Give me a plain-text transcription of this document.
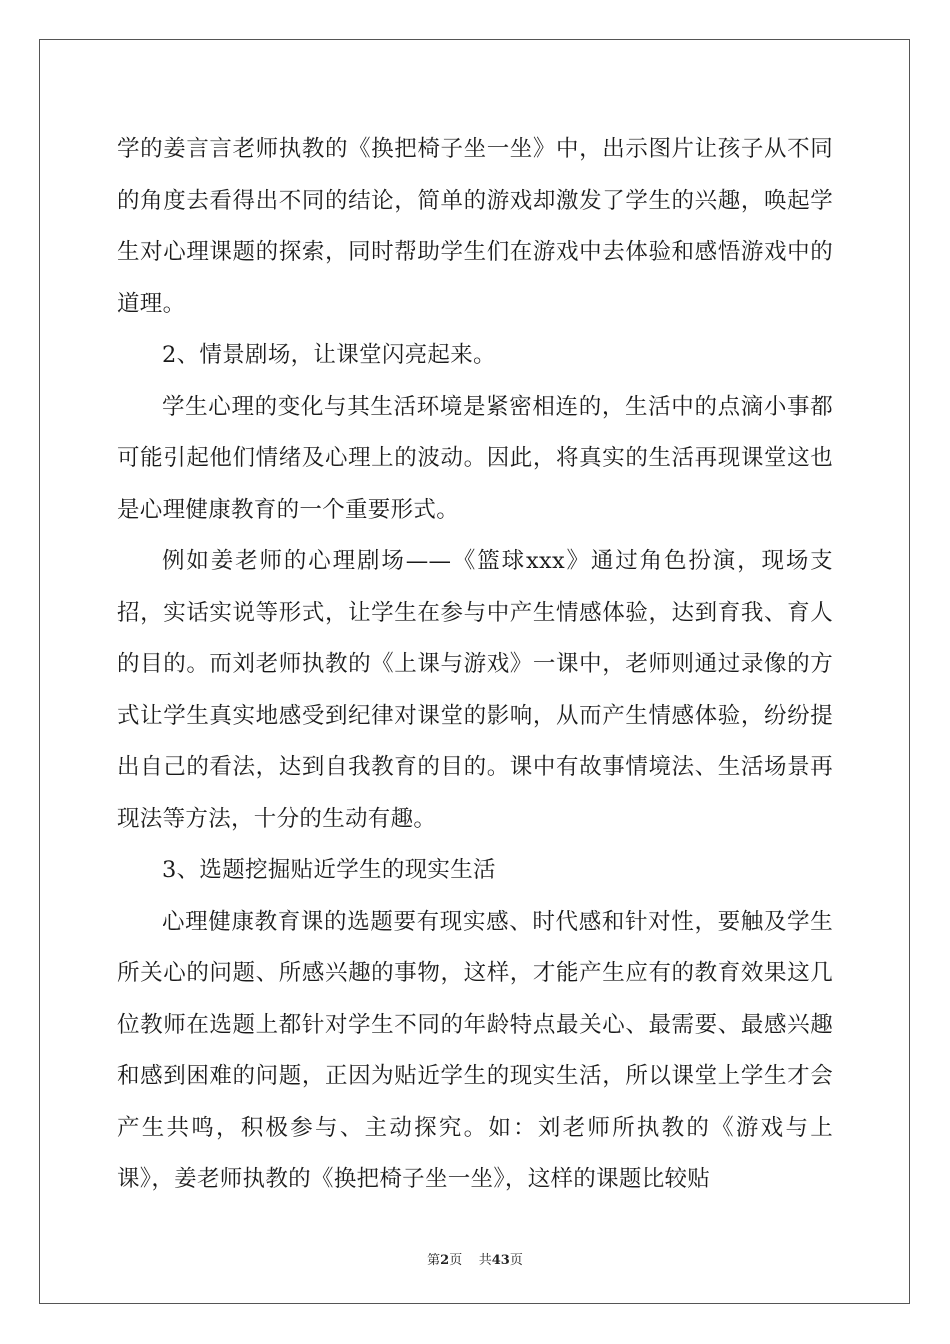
学的姜言言老师执教的《换把椅子坐一坐》中，出示图片让孩子从不同的角度去看得出不同的结论，简单的游戏却激发了学生的兴趣，唤起学生对心理课题的探索，同时帮助学生们在游戏中去体验和感悟游戏中的道理。

2、情景剧场，让课堂闪亮起来。

学生心理的变化与其生活环境是紧密相连的，生活中的点滴小事都可能引起他们情绪及心理上的波动。因此，将真实的生活再现课堂这也是心理健康教育的一个重要形式。

例如姜老师的心理剧场——《篮球xxx》通过角色扮演，现场支招，实话实说等形式，让学生在参与中产生情感体验，达到育我、育人的目的。而刘老师执教的《上课与游戏》一课中，老师则通过录像的方式让学生真实地感受到纪律对课堂的影响，从而产生情感体验，纷纷提出自己的看法，达到自我教育的目的。课中有故事情境法、生活场景再现法等方法，十分的生动有趣。

3、选题挖掘贴近学生的现实生活

心理健康教育课的选题要有现实感、时代感和针对性，要触及学生所关心的问题、所感兴趣的事物，这样，才能产生应有的教育效果这几位教师在选题上都针对学生不同的年龄特点最关心、最需要、最感兴趣和感到困难的问题，正因为贴近学生的现实生活，所以课堂上学生才会产生共鸣，积极参与、主动探究。如：刘老师所执教的《游戏与上课》，姜老师执教的《换把椅子坐一坐》，这样的课题比较贴

第2页 共43页
